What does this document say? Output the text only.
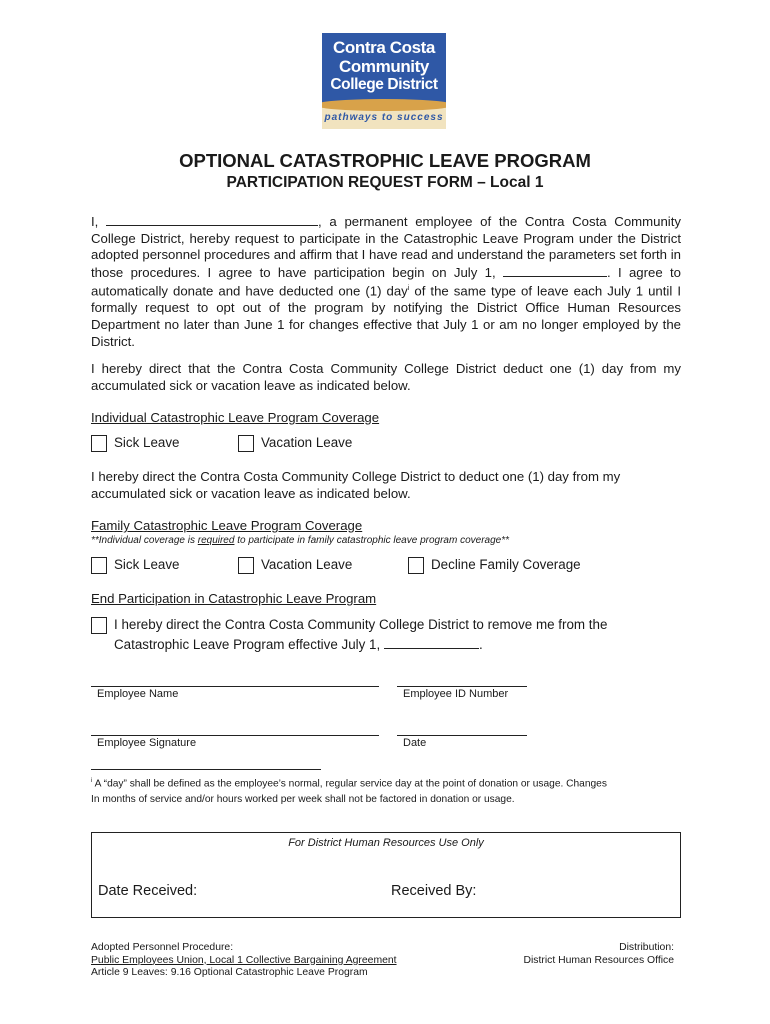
Contra Costa
Community
College District
pathways to success
OPTIONAL CATASTROPHIC LEAVE PROGRAM
PARTICIPATION REQUEST FORM – Local 1
I,	, a permanent employee of the Contra Costa Community College District, hereby request to participate in the Catastrophic Leave Program under the District adopted personnel procedures and affirm that I have read and understand the parameters set forth in those procedures. I agree to have participation begin on July 1,	. I agree to automatically donate and have deducted one (1) day$^i$ of the same type of leave each July 1 until I formally request to opt out of the program by notifying the District Office Human Resources Department no later than June 1 for changes effective that July 1 or am no longer employed by the District.
I hereby direct that the Contra Costa Community College District deduct one (1) day from my accumulated sick or vacation leave as indicated below.
Individual Catastrophic Leave Program Coverage
Sick Leave	Vacation Leave
I hereby direct the Contra Costa Community College District to deduct one (1) day from my accumulated sick or vacation leave as indicated below.
Family Catastrophic Leave Program Coverage
**Individual coverage is required to participate in family catastrophic leave program coverage**
Sick Leave	Vacation Leave	Decline Family Coverage
End Participation in Catastrophic Leave Program
I hereby direct the Contra Costa Community College District to remove me from the
Catastrophic Leave Program effective July 1,	.
Employee Name	Employee ID Number
Employee Signature	Date
$^i$ A “day” shall be defined as the employee’s normal, regular service day at the point of donation or usage. Changes
In months of service and/or hours worked per week shall not be factored in donation or usage.
For District Human Resources Use Only
Date Received:	Received By:
Adopted Personnel Procedure:
Public Employees Union, Local 1 Collective Bargaining Agreement
Article 9 Leaves: 9.16 Optional Catastrophic Leave Program
Distribution:
District Human Resources Office
